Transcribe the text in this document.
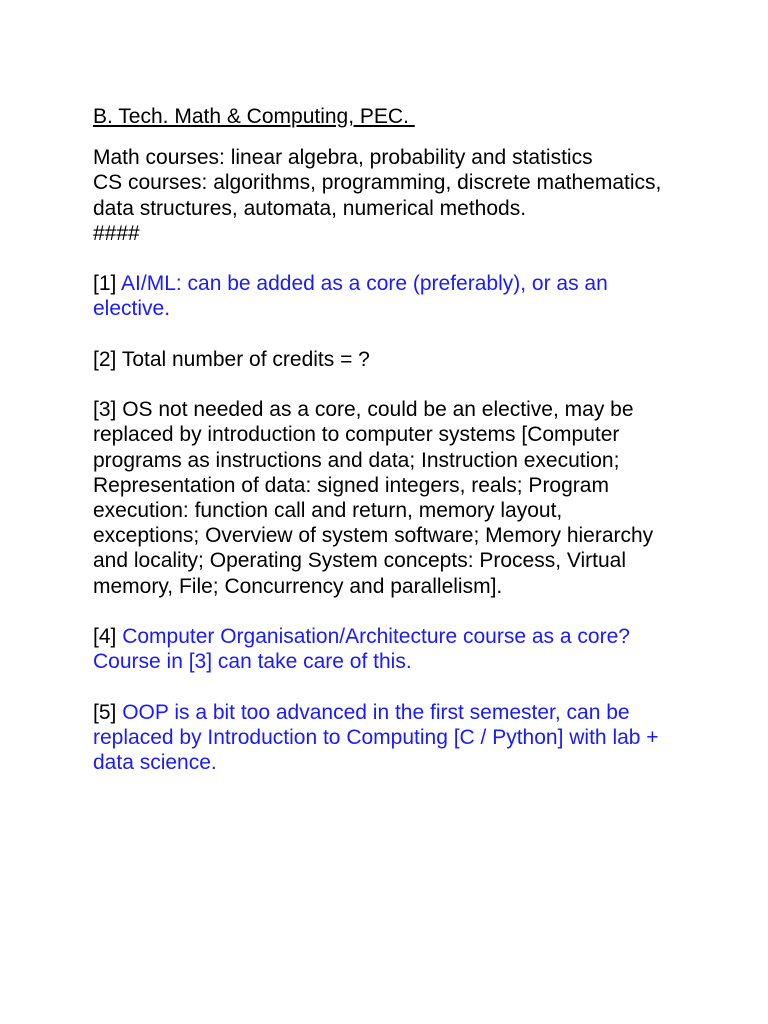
B. Tech. Math & Computing, PEC.

Math courses: linear algebra, probability and statistics

CS courses: algorithms, programming, discrete mathematics, data structures, automata, numerical methods.

####

[1] AI/ML: can be added as a core (preferably), or as an elective.

[2] Total number of credits = ?

[3] OS not needed as a core, could be an elective, may be replaced by introduction to computer systems [Computer programs as instructions and data; Instruction execution; Representation of data: signed integers, reals; Program execution: function call and return, memory layout, exceptions; Overview of system software; Memory hierarchy and locality; Operating System concepts: Process, Virtual memory, File; Concurrency and parallelism].

[4] Computer Organisation/Architecture course as a core? Course in [3] can take care of this.

[5] OOP is a bit too advanced in the first semester, can be replaced by Introduction to Computing [C / Python] with lab + data science.
